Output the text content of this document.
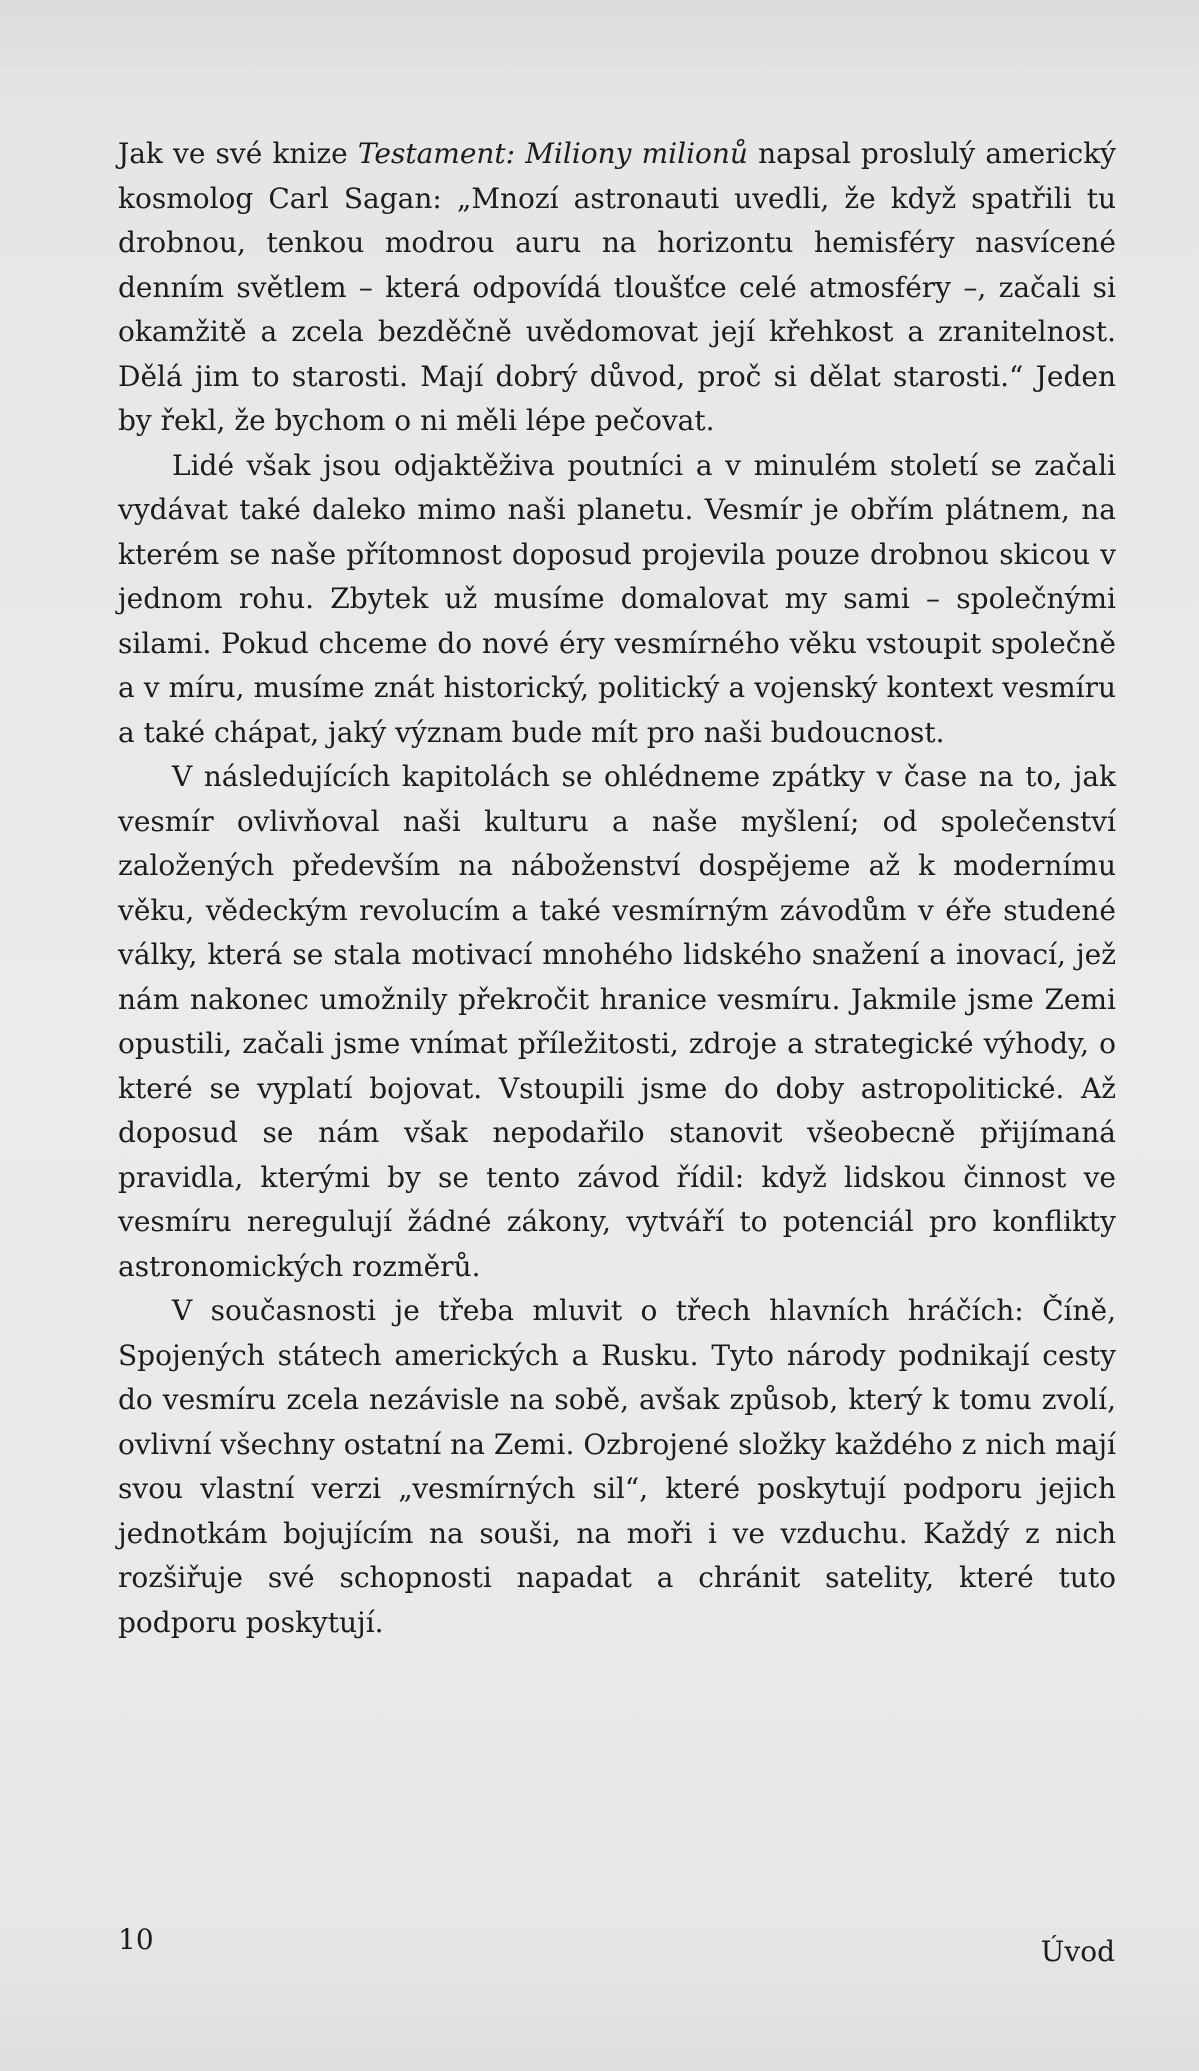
Jak ve své knize Testament: Miliony milionů napsal proslulý americký kosmolog Carl Sagan: „Mnozí astronauti uvedli, že když spatřili tu drobnou, tenkou modrou auru na horizontu hemisféry nasvícené denním světlem – která odpovídá tloušťce celé atmosféry –, začali si okamžitě a zcela bezděčně uvědomovat její křehkost a zranitelnost. Dělá jim to starosti. Mají dobrý důvod, proč si dělat starosti.“ Jeden by řekl, že bychom o ni měli lépe pečovat.

Lidé však jsou odjaktěživa poutníci a v minulém století se začali vydávat také daleko mimo naši planetu. Vesmír je obřím plátnem, na kterém se naše přítomnost doposud projevila pouze drobnou skicou v jednom rohu. Zbytek už musíme domalovat my sami – společnými silami. Pokud chceme do nové éry vesmírného věku vstoupit společně a v míru, musíme znát historický, politický a vojenský kontext vesmíru a také chápat, jaký význam bude mít pro naši budoucnost.

V následujících kapitolách se ohlédneme zpátky v čase na to, jak vesmír ovlivňoval naši kulturu a naše myšlení; od společenství založených především na náboženství dospějeme až k modernímu věku, vědeckým revolucím a také vesmírným závodům v éře studené války, která se stala motivací mnohého lidského snažení a inovací, jež nám nakonec umožnily překročit hranice vesmíru. Jakmile jsme Zemi opustili, začali jsme vnímat příležitosti, zdroje a strategické výhody, o které se vyplatí bojovat. Vstoupili jsme do doby astropolitické. Až doposud se nám však nepodařilo stanovit všeobecně přijímaná pravidla, kterými by se tento závod řídil: když lidskou činnost ve vesmíru neregulují žádné zákony, vytváří to potenciál pro konflikty astronomických rozměrů.

V současnosti je třeba mluvit o třech hlavních hráčích: Číně, Spojených státech amerických a Rusku. Tyto národy podnikají cesty do vesmíru zcela nezávisle na sobě, avšak způsob, který k tomu zvolí, ovlivní všechny ostatní na Zemi. Ozbrojené složky každého z nich mají svou vlastní verzi „vesmírných sil“, které poskytují podporu jejich jednotkám bojujícím na souši, na moři i ve vzduchu. Každý z nich rozšiřuje své schopnosti napadat a chránit satelity, které tuto podporu poskytují.

10	Úvod
